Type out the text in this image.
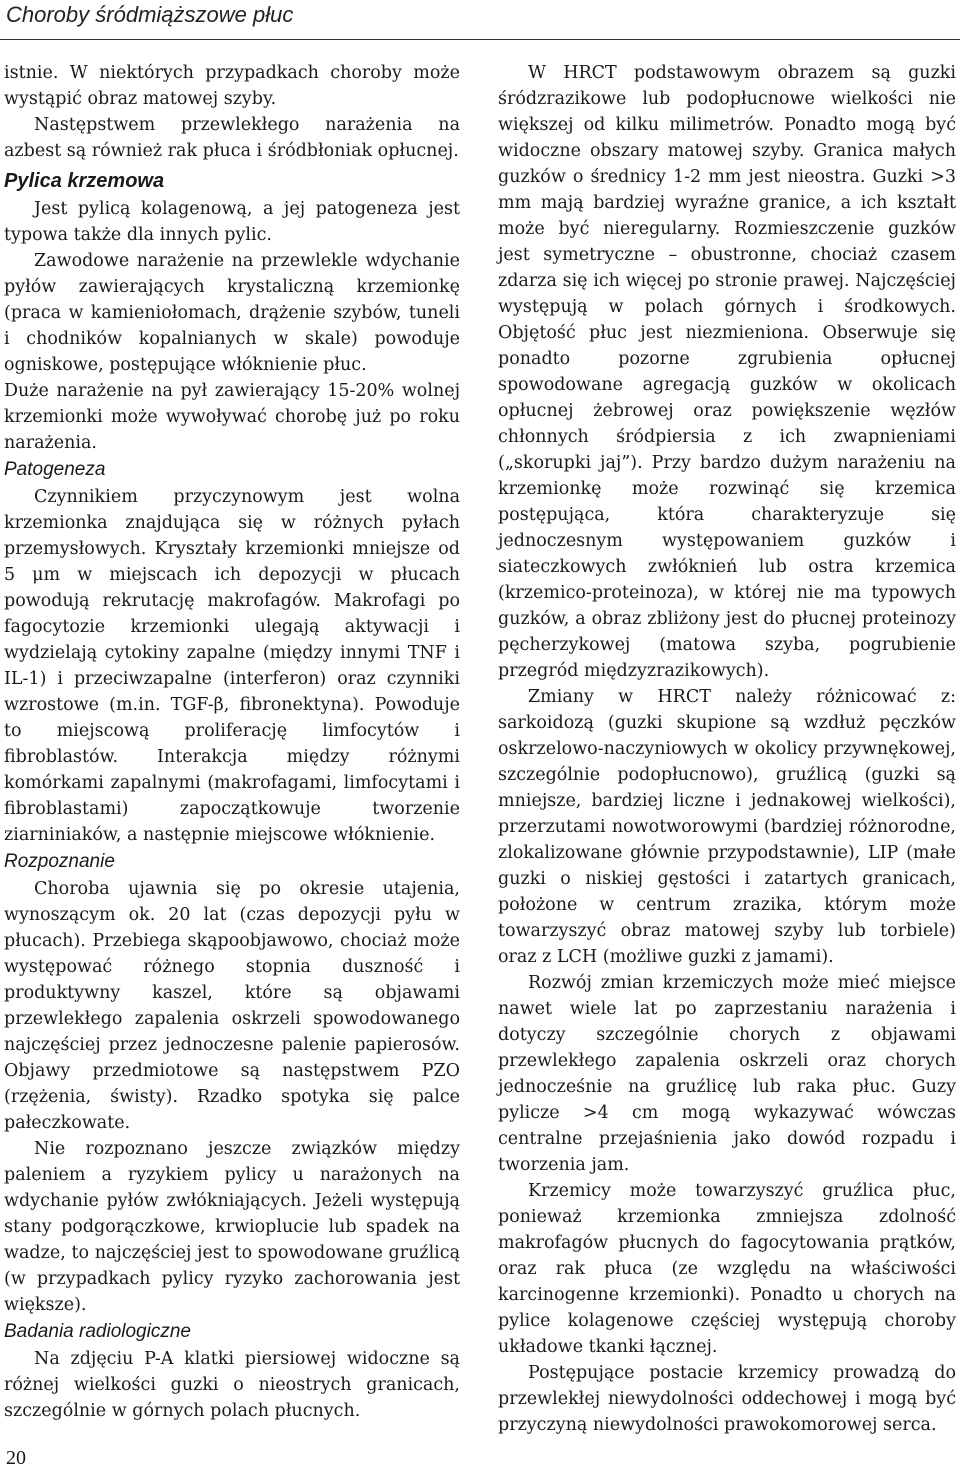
Choroby śródmiąższowe płuc

istnie. W niektórych przypadkach choroby może wystąpić obraz matowej szyby.

Następstwem przewlekłego narażenia na azbest są również rak płuca i śródbłoniak opłucnej.

Pylica krzemowa

Jest pylicą kolagenową, a jej patogeneza jest typowa także dla innych pylic.

Zawodowe narażenie na przewlekle wdychanie pyłów zawierających krystaliczną krzemionkę (praca w kamieniołomach, drążenie szybów, tuneli i chodników kopalnianych w skale) powoduje ogniskowe, postępujące włóknienie płuc.

Duże narażenie na pył zawierający 15-20% wolnej krzemionki może wywoływać chorobę już po roku narażenia.

Patogeneza

Czynnikiem przyczynowym jest wolna krzemionka znajdująca się w różnych pyłach przemysłowych. Kryształy krzemionki mniejsze od 5 μm w miejscach ich depozycji w płucach powodują rekrutację makrofagów. Makrofagi po fagocytozie krzemionki ulegają aktywacji i wydzielają cytokiny zapalne (między innymi TNF i IL-1) i przeciwzapalne (interferon) oraz czynniki wzrostowe (m.in. TGF-β, fibronektyna). Powoduje to miejscową proliferację limfocytów i fibroblastów. Interakcja między różnymi komórkami zapalnymi (makrofagami, limfocytami i fibroblastami) zapoczątkowuje tworzenie ziarniniaków, a następnie miejscowe włóknienie.

Rozpoznanie

Choroba ujawnia się po okresie utajenia, wynoszącym ok. 20 lat (czas depozycji pyłu w płucach). Przebiega skąpoobjawowo, chociaż może występować różnego stopnia duszność i produktywny kaszel, które są objawami przewlekłego zapalenia oskrzeli spowodowanego najczęściej przez jednoczesne palenie papierosów. Objawy przedmiotowe są następstwem PZO (rzężenia, świsty). Rzadko spotyka się palce pałeczkowate.

Nie rozpoznano jeszcze związków między paleniem a ryzykiem pylicy u narażonych na wdychanie pyłów zwłókniających. Jeżeli występują stany podgorączkowe, krwioplucie lub spadek na wadze, to najczęściej jest to spowodowane gruźlicą (w przypadkach pylicy ryzyko zachorowania jest większe).

Badania radiologiczne

Na zdjęciu P-A klatki piersiowej widoczne są różnej wielkości guzki o nieostrych granicach, szczególnie w górnych polach płucnych.

W HRCT podstawowym obrazem są guzki śródzrazikowe lub podopłucnowe wielkości nie większej od kilku milimetrów. Ponadto mogą być widoczne obszary matowej szyby. Granica małych guzków o średnicy 1-2 mm jest nieostra. Guzki >3 mm mają bardziej wyraźne granice, a ich kształt może być nieregularny. Rozmieszczenie guzków jest symetryczne – obustronne, chociaż czasem zdarza się ich więcej po stronie prawej. Najczęściej występują w polach górnych i środkowych. Objętość płuc jest niezmieniona. Obserwuje się ponadto pozorne zgrubienia opłucnej spowodowane agregacją guzków w okolicach opłucnej żebrowej oraz powiększenie węzłów chłonnych śródpiersia z ich zwapnieniami („skorupki jaj”). Przy bardzo dużym narażeniu na krzemionkę może rozwinąć się krzemica postępująca, która charakteryzuje się jednoczesnym występowaniem guzków i siateczkowych zwłóknień lub ostra krzemica (krzemico-proteinoza), w której nie ma typowych guzków, a obraz zbliżony jest do płucnej proteinozy pęcherzykowej (matowa szyba, pogrubienie przegród międzyzrazikowych).

Zmiany w HRCT należy różnicować z: sarkoidozą (guzki skupione są wzdłuż pęczków oskrzelowo-naczyniowych w okolicy przywnękowej, szczególnie podopłucnowo), gruźlicą (guzki są mniejsze, bardziej liczne i jednakowej wielkości), przerzutami nowotworowymi (bardziej różnorodne, zlokalizowane głównie przypodstawnie), LIP (małe guzki o niskiej gęstości i zatartych granicach, położone w centrum zrazika, którym może towarzyszyć obraz matowej szyby lub torbiele) oraz z LCH (możliwe guzki z jamami).

Rozwój zmian krzemiczych może mieć miejsce nawet wiele lat po zaprzestaniu narażenia i dotyczy szczególnie chorych z objawami przewlekłego zapalenia oskrzeli oraz chorych jednocześnie na gruźlicę lub raka płuc. Guzy pylicze >4 cm mogą wykazywać wówczas centralne przejaśnienia jako dowód rozpadu i tworzenia jam.

Krzemicy może towarzyszyć gruźlica płuc, ponieważ krzemionka zmniejsza zdolność makrofagów płucnych do fagocytowania prątków, oraz rak płuca (ze względu na właściwości karcinogenne krzemionki). Ponadto u chorych na pylice kolagenowe częściej występują choroby układowe tkanki łącznej.

Postępujące postacie krzemicy prowadzą do przewlekłej niewydolności oddechowej i mogą być przyczyną niewydolności prawokomorowej serca.

20
